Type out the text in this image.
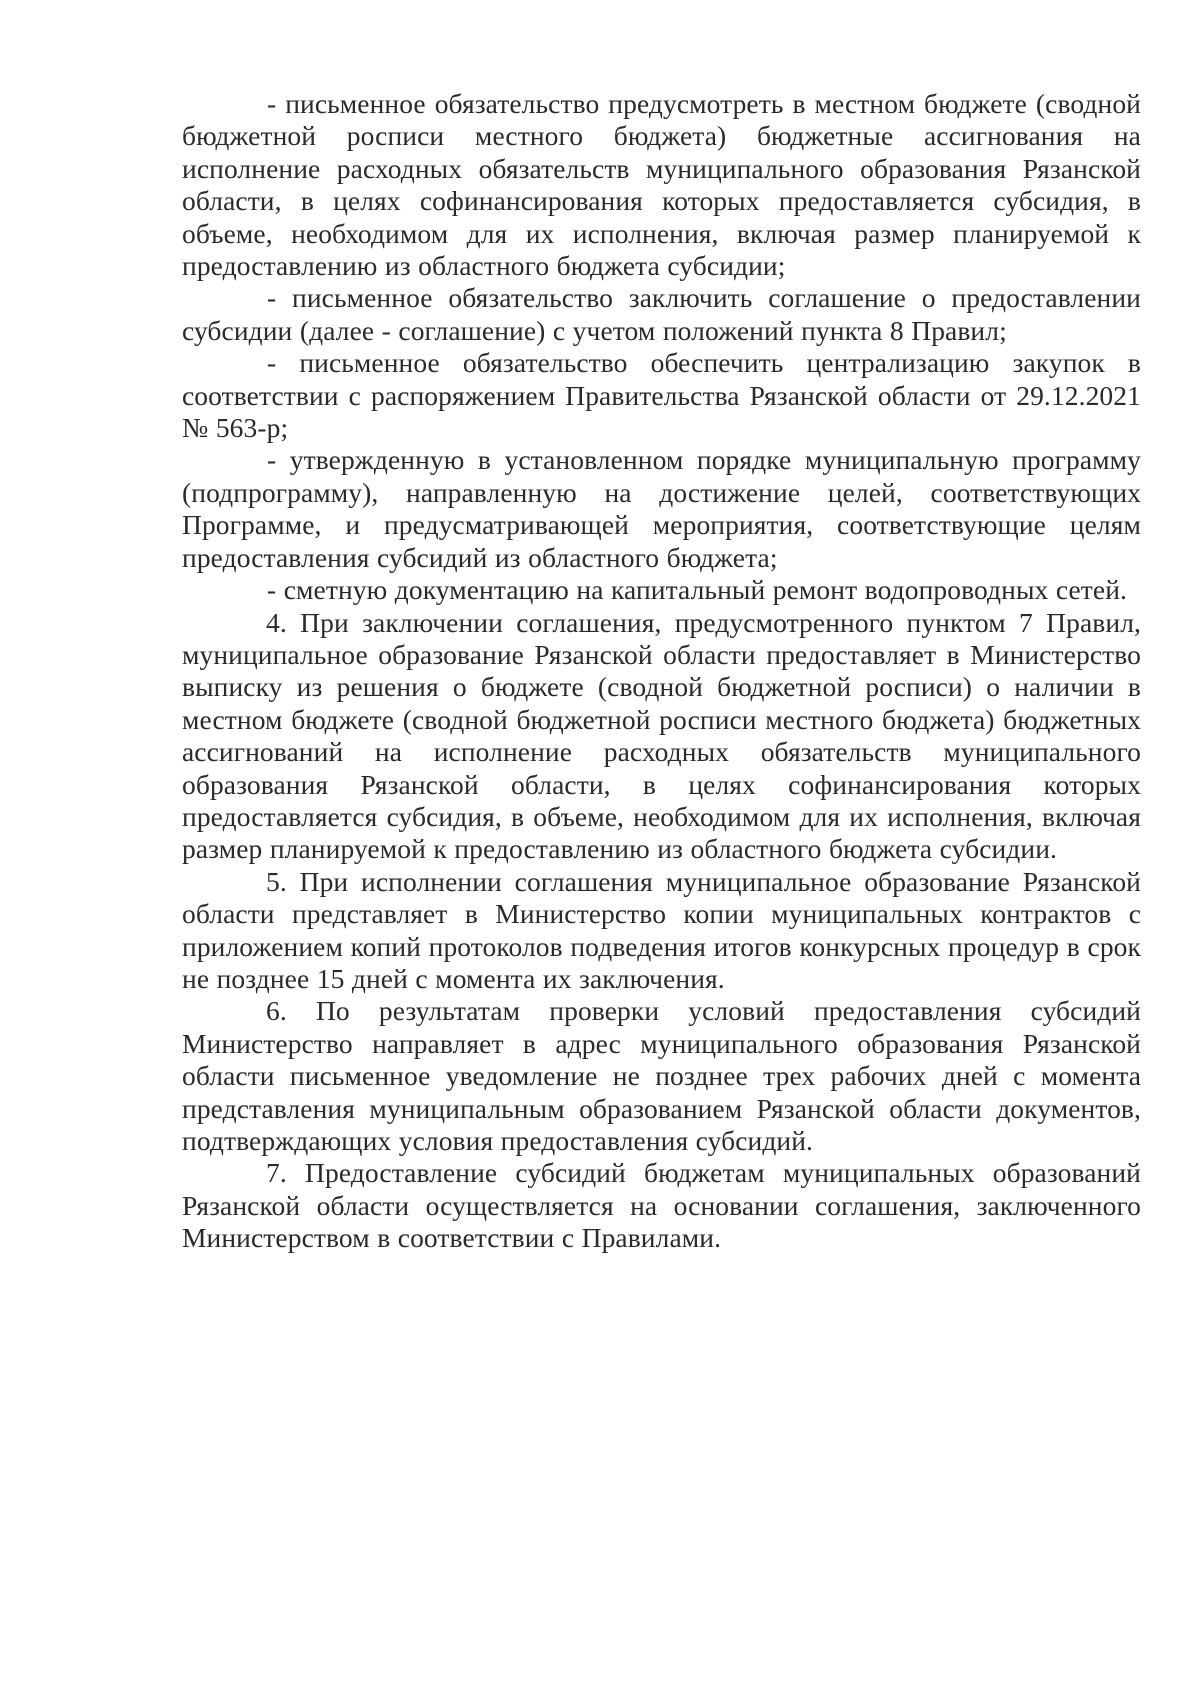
- письменное обязательство предусмотреть в местном бюджете (сводной бюджетной росписи местного бюджета) бюджетные ассигнования на исполнение расходных обязательств муниципального образования Рязанской области, в целях софинансирования которых предоставляется субсидия, в объеме, необходимом для их исполнения, включая размер планируемой к предоставлению из областного бюджета субсидии;

- письменное обязательство заключить соглашение о предоставлении субсидии (далее - соглашение) с учетом положений пункта 8 Правил;

- письменное обязательство обеспечить централизацию закупок в соответствии с распоряжением Правительства Рязанской области от 29.12.2021 № 563-р;

- утвержденную в установленном порядке муниципальную программу (подпрограмму), направленную на достижение целей, соответствующих Программе, и предусматривающей мероприятия, соответствующие целям предоставления субсидий из областного бюджета;

- сметную документацию на капитальный ремонт водопроводных сетей.

4. При заключении соглашения, предусмотренного пунктом 7 Правил, муниципальное образование Рязанской области предоставляет в Министерство выписку из решения о бюджете (сводной бюджетной росписи) о наличии в местном бюджете (сводной бюджетной росписи местного бюджета) бюджетных ассигнований на исполнение расходных обязательств муниципального образования Рязанской области, в целях софинансирования которых предоставляется субсидия, в объеме, необходимом для их исполнения, включая размер планируемой к предоставлению из областного бюджета субсидии.

5. При исполнении соглашения муниципальное образование Рязанской области представляет в Министерство копии муниципальных контрактов с приложением копий протоколов подведения итогов конкурсных процедур в срок не позднее 15 дней с момента их заключения.

6. По результатам проверки условий предоставления субсидий Министерство направляет в адрес муниципального образования Рязанской области письменное уведомление не позднее трех рабочих дней с момента представления муниципальным образованием Рязанской области документов, подтверждающих условия предоставления субсидий.

7. Предоставление субсидий бюджетам муниципальных образований Рязанской области осуществляется на основании соглашения, заключенного Министерством в соответствии с Правилами.
